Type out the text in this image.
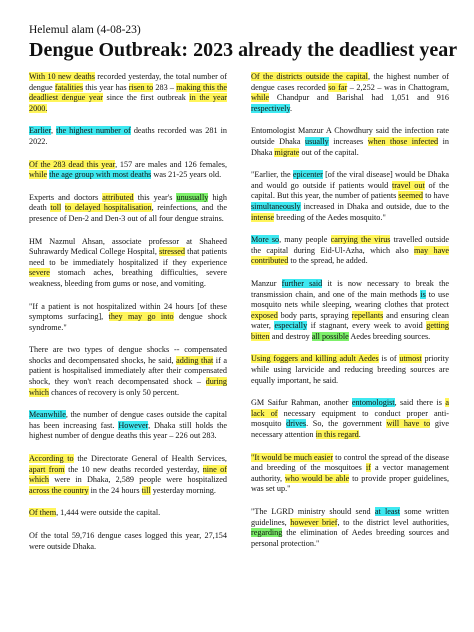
Helemul alam (4-08-23)
Dengue Outbreak: 2023 already the deadliest year

With 10 new deaths recorded yesterday, the total number of dengue fatalities this year has risen to 283 – making this the deadliest dengue year since the first outbreak in the year 2000.

Earlier, the highest number of deaths recorded was 281 in 2022.

Of the 283 dead this year, 157 are males and 126 females, while the age group with most deaths was 21-25 years old.

Experts and doctors attributed this year's unusually high death toll to delayed hospitalisation, reinfections, and the presence of Den-2 and Den-3 out of all four dengue strains.

HM Nazmul Ahsan, associate professor at Shaheed Suhrawardy Medical College Hospital, stressed that patients need to be immediately hospitalized if they experience severe stomach aches, breathing difficulties, severe weakness, bleeding from gums or nose, and vomiting.

"If a patient is not hospitalized within 24 hours [of these symptoms surfacing], they may go into dengue shock syndrome."

There are two types of dengue shocks -- compensated shocks and decompensated shocks, he said, adding that if a patient is hospitalised immediately after their compensated shock, they won't reach decompensated shock – during which chances of recovery is only 50 percent.

Meanwhile, the number of dengue cases outside the capital has been increasing fast. However, Dhaka still holds the highest number of dengue deaths this year – 226 out 283.

According to the Directorate General of Health Services, apart from the 10 new deaths recorded yesterday, nine of which were in Dhaka, 2,589 people were hospitalized across the country in the 24 hours till yesterday morning.

Of them, 1,444 were outside the capital.

Of the total 59,716 dengue cases logged this year, 27,154 were outside Dhaka.

Of the districts outside the capital, the highest number of dengue cases recorded so far – 2,252 – was in Chattogram, while Chandpur and Barishal had 1,051 and 916 respectively.

Entomologist Manzur A Chowdhury said the infection rate outside Dhaka usually increases when those infected in Dhaka migrate out of the capital.

"Earlier, the epicenter [of the viral disease] would be Dhaka and would go outside if patients would travel out of the capital. But this year, the number of patients seemed to have simultaneously increased in Dhaka and outside, due to the intense breeding of the Aedes mosquito."

More so, many people carrying the virus travelled outside the capital during Eid-Ul-Azha, which also may have contributed to the spread, he added.

Manzur further said it is now necessary to break the transmission chain, and one of the main methods is to use mosquito nets while sleeping, wearing clothes that protect exposed body parts, spraying repellants and ensuring clean water, especially if stagnant, every week to avoid getting bitten and destroy all possible Aedes breeding sources.

Using foggers and killing adult Aedes is of utmost priority while using larvicide and reducing breeding sources are equally important, he said.

GM Saifur Rahman, another entomologist, said there is a lack of necessary equipment to conduct proper anti-mosquito drives. So, the government will have to give necessary attention in this regard.

"It would be much easier to control the spread of the disease and breeding of the mosquitoes if a vector management authority, who would be able to provide proper guidelines, was set up."

"The LGRD ministry should send at least some written guidelines, however brief, to the district level authorities, regarding the elimination of Aedes breeding sources and personal protection."
